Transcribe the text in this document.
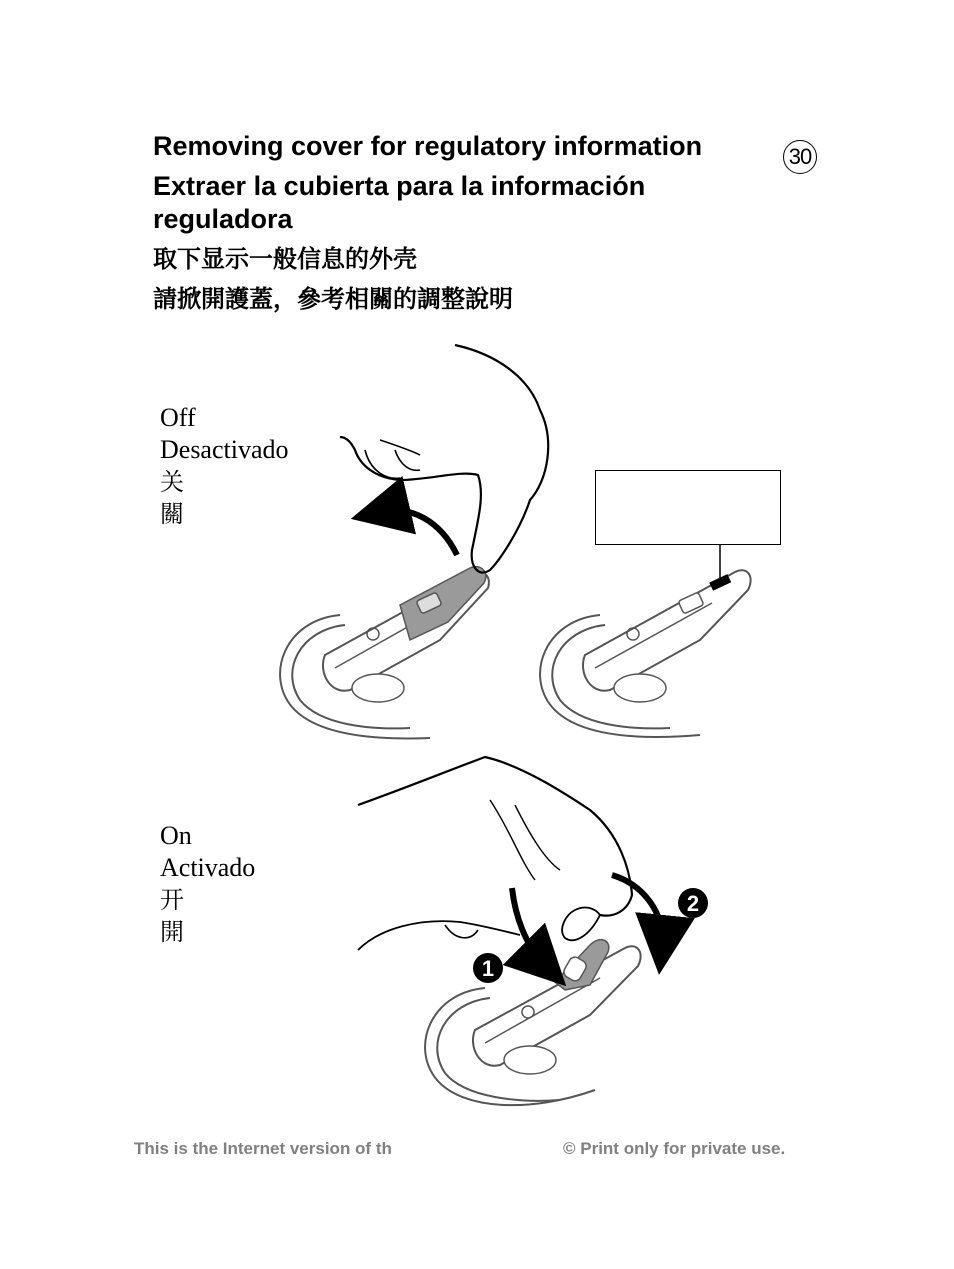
Removing cover for regulatory information
Extraer la cubierta para la información reguladora
取下显示一般信息的外壳
請掀開護蓋，參考相關的調整說明
30
1
2
Off
Desactivado
关
關
On
Activado
开
開
This is the Internet version of th	© Print only for private use.
